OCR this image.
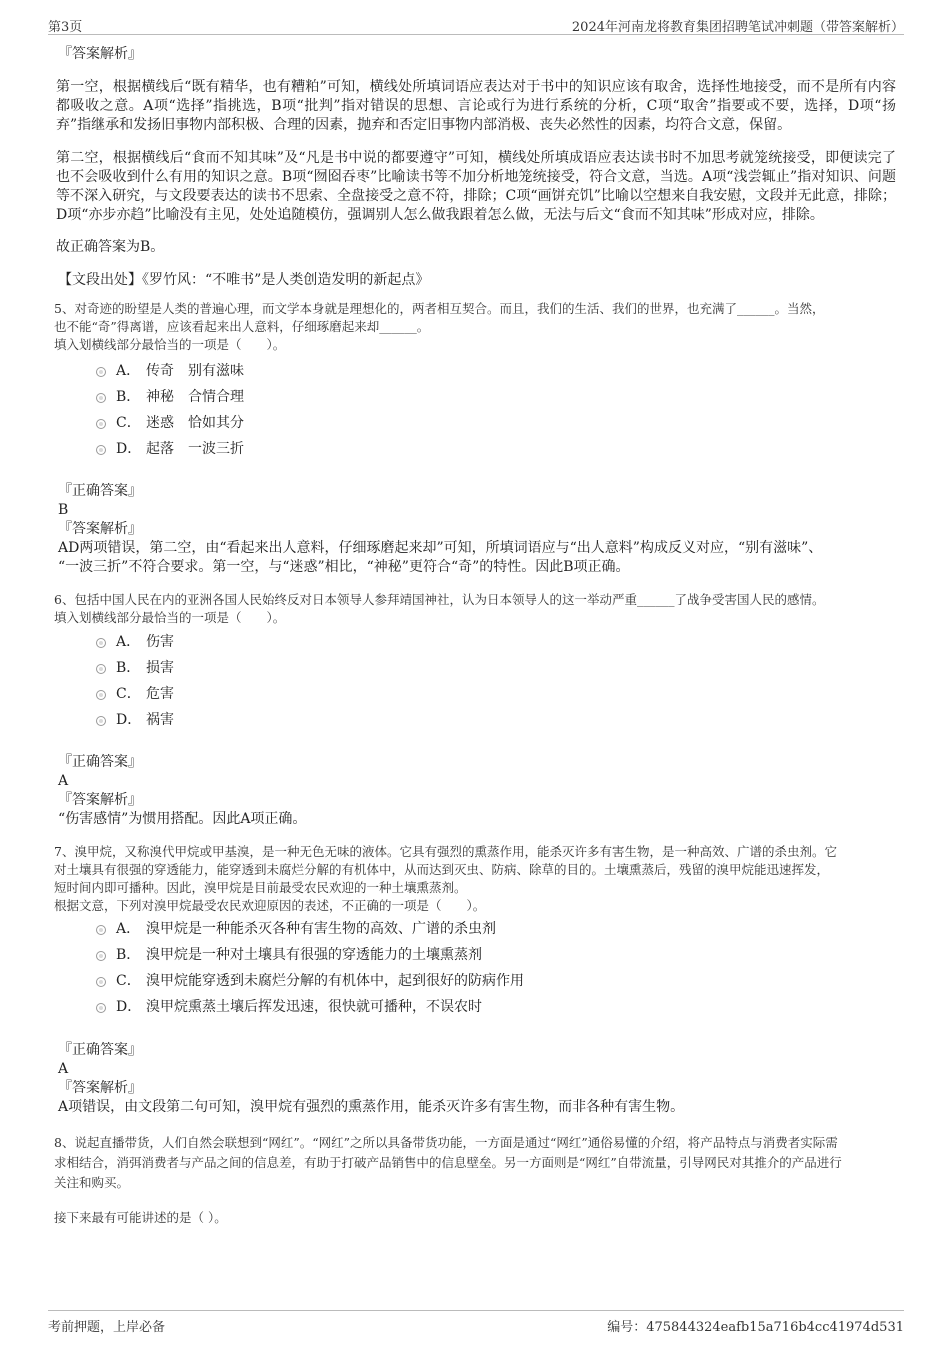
第3页	2024年河南龙将教育集团招聘笔试冲刺题（带答案解析）
『答案解析』

第一空，根据横线后“既有精华，也有糟粕”可知，横线处所填词语应表达对于书中的知识应该有取舍，选择性地接受，而不是所有内容都吸收之意。A项“选择”指挑选，B项“批判”指对错误的思想、言论或行为进行系统的分析，C项“取舍”指要或不要，选择，D项“扬弃”指继承和发扬旧事物内部积极、合理的因素，抛弃和否定旧事物内部消极、丧失必然性的因素，均符合文意，保留。

第二空，根据横线后“食而不知其味”及“凡是书中说的都要遵守”可知，横线处所填成语应表达读书时不加思考就笼统接受，即便读完了也不会吸收到什么有用的知识之意。B项“囫囵吞枣”比喻读书等不加分析地笼统接受，符合文意，当选。A项“浅尝辄止”指对知识、问题等不深入研究，与文段要表达的读书不思索、全盘接受之意不符，排除；C项“画饼充饥”比喻以空想来自我安慰，文段并无此意，排除；D项“亦步亦趋”比喻没有主见，处处追随模仿，强调别人怎么做我跟着怎么做，无法与后文“食而不知其味”形成对应，排除。

故正确答案为B。

【文段出处】《罗竹风：“不唯书”是人类创造发明的新起点》
5、对奇迹的盼望是人类的普遍心理，而文学本身就是理想化的，两者相互契合。而且，我们的生活、我们的世界，也充满了______。当然，
也不能“奇”得离谱，应该看起来出人意料，仔细琢磨起来却______。
填入划横线部分最恰当的一项是（　　）。
A． 传奇　别有滋味
B． 神秘　合情合理
C． 迷惑　恰如其分
D． 起落　一波三折
『正确答案』
B
『答案解析』
AD两项错误，第二空，由“看起来出人意料，仔细琢磨起来却”可知，所填词语应与“出人意料”构成反义对应，“别有滋味”、
“一波三折”不符合要求。第一空，与“迷惑”相比，“神秘”更符合“奇”的特性。因此B项正确。
6、包括中国人民在内的亚洲各国人民始终反对日本领导人参拜靖国神社，认为日本领导人的这一举动严重______了战争受害国人民的感情。
填入划横线部分最恰当的一项是（　　）。
A． 伤害
B． 损害
C． 危害
D． 祸害
『正确答案』
A
『答案解析』
“伤害感情”为惯用搭配。因此A项正确。
7、溴甲烷，又称溴代甲烷或甲基溴，是一种无色无味的液体。它具有强烈的熏蒸作用，能杀灭许多有害生物，是一种高效、广谱的杀虫剂。它
对土壤具有很强的穿透能力，能穿透到未腐烂分解的有机体中，从而达到灭虫、防病、除草的目的。土壤熏蒸后，残留的溴甲烷能迅速挥发，
短时间内即可播种。因此，溴甲烷是目前最受农民欢迎的一种土壤熏蒸剂。
根据文意，下列对溴甲烷最受农民欢迎原因的表述，不正确的一项是（　　）。
A． 溴甲烷是一种能杀灭各种有害生物的高效、广谱的杀虫剂
B． 溴甲烷是一种对土壤具有很强的穿透能力的土壤熏蒸剂
C． 溴甲烷能穿透到未腐烂分解的有机体中，起到很好的防病作用
D． 溴甲烷熏蒸土壤后挥发迅速，很快就可播种，不误农时
『正确答案』
A
『答案解析』
A项错误，由文段第二句可知，溴甲烷有强烈的熏蒸作用，能杀灭许多有害生物，而非各种有害生物。
8、说起直播带货，人们自然会联想到“网红”。“网红”之所以具备带货功能，一方面是通过“网红”通俗易懂的介绍，将产品特点与消费者实际需
求相结合，消弭消费者与产品之间的信息差，有助于打破产品销售中的信息壁垒。另一方面则是“网红”自带流量，引导网民对其推介的产品进行
关注和购买。
接下来最有可能讲述的是（ ）。
考前押题，上岸必备	编号：475844324eafb15a716b4cc41974d531
